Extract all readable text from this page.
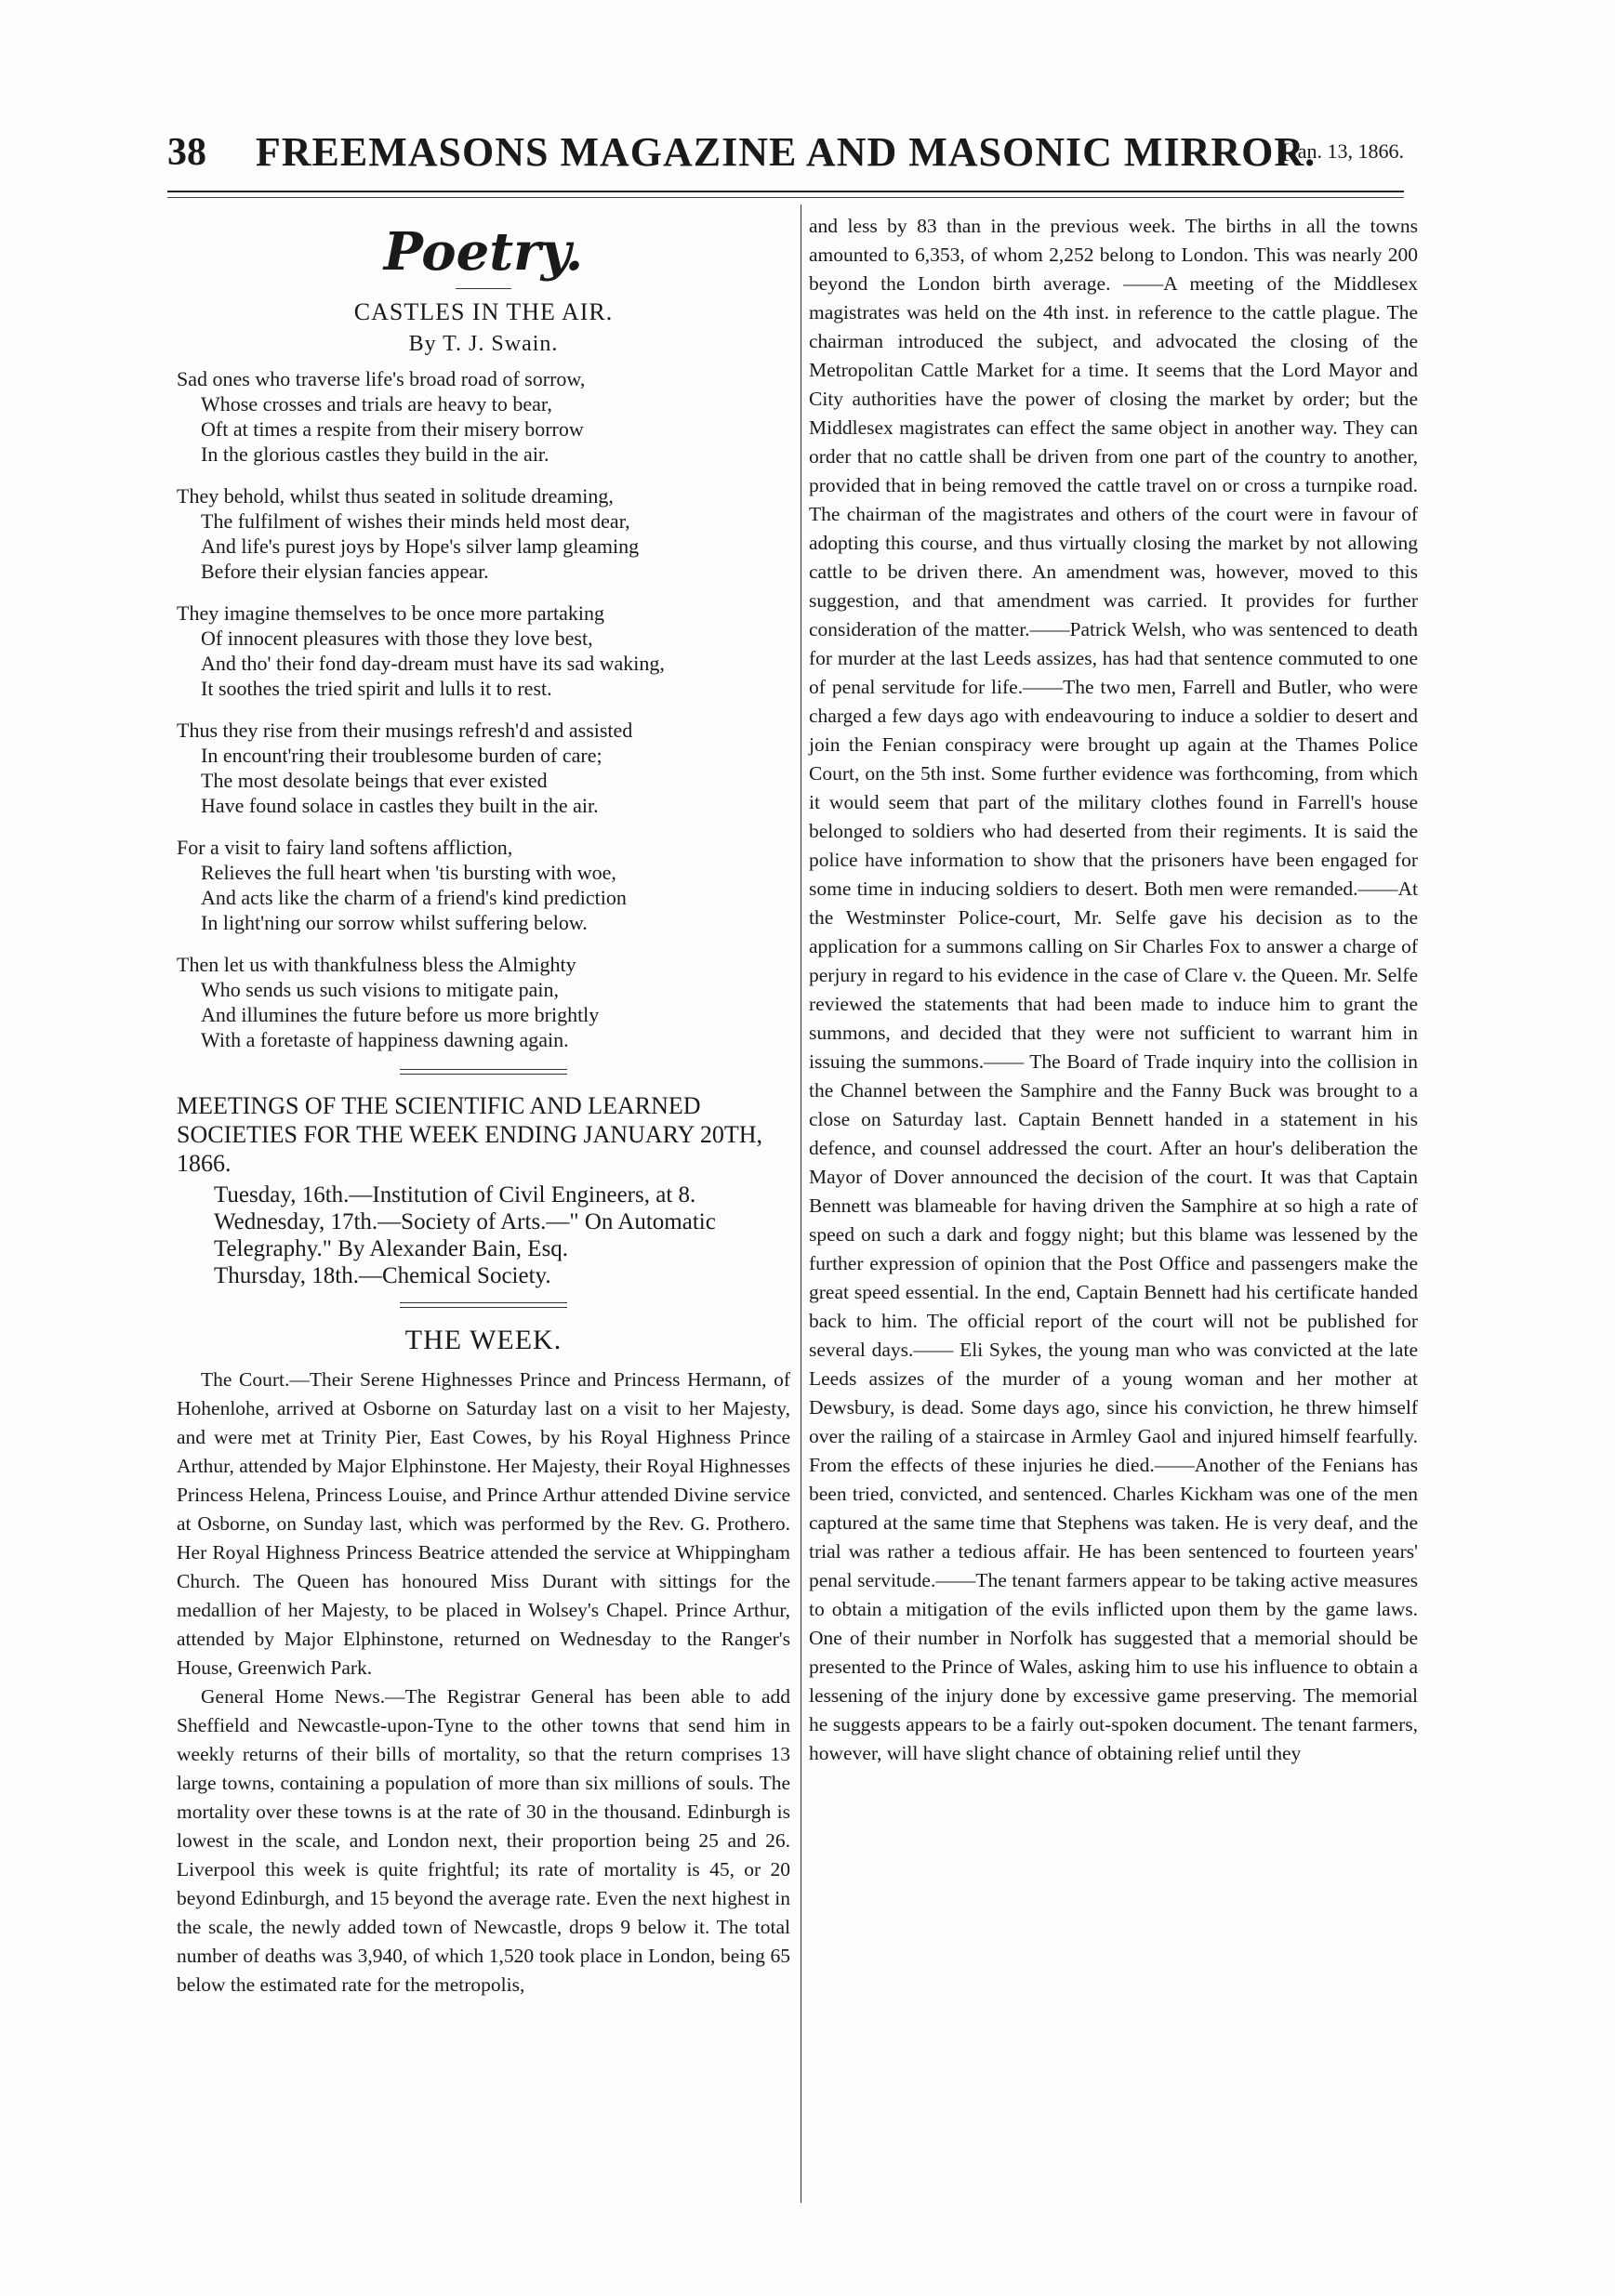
38	FREEMASONS MAGAZINE AND MASONIC MIRROR.
[Jan. 13, 1866.
Poetry.
CASTLES IN THE AIR.
By T. J. Swain.
Sad ones who traverse life's broad road of sorrow,
Whose crosses and trials are heavy to bear,
Oft at times a respite from their misery borrow
In the glorious castles they build in the air.
They behold, whilst thus seated in solitude dreaming,
The fulfilment of wishes their minds held most dear,
And life's purest joys by Hope's silver lamp gleaming
Before their elysian fancies appear.
They imagine themselves to be once more partaking
Of innocent pleasures with those they love best,
And tho' their fond day-dream must have its sad waking,
It soothes the tried spirit and lulls it to rest.
Thus they rise from their musings refresh'd and assisted
In encount'ring their troublesome burden of care;
The most desolate beings that ever existed
Have found solace in castles they built in the air.
For a visit to fairy land softens affliction,
Relieves the full heart when 'tis bursting with woe,
And acts like the charm of a friend's kind prediction
In light'ning our sorrow whilst suffering below.
Then let us with thankfulness bless the Almighty
Who sends us such visions to mitigate pain,
And illumines the future before us more brightly
With a foretaste of happiness dawning again.
MEETINGS OF THE SCIENTIFIC AND LEARNED SOCIETIES FOR THE WEEK ENDING JANUARY 20TH, 1866.
Tuesday, 16th.—Institution of Civil Engineers, at 8.
Wednesday, 17th.—Society of Arts.—" On Automatic Telegraphy." By Alexander Bain, Esq.
Thursday, 18th.—Chemical Society.
THE WEEK.

The Court.—Their Serene Highnesses Prince and Princess Hermann, of Hohenlohe, arrived at Osborne on Saturday last on a visit to her Majesty, and were met at Trinity Pier, East Cowes, by his Royal Highness Prince Arthur, attended by Major Elphinstone. Her Majesty, their Royal Highnesses Princess Helena, Princess Louise, and Prince Arthur attended Divine service at Osborne, on Sunday last, which was performed by the Rev. G. Prothero. Her Royal Highness Princess Beatrice attended the service at Whippingham Church. The Queen has honoured Miss Durant with sittings for the medallion of her Majesty, to be placed in Wolsey's Chapel. Prince Arthur, attended by Major Elphinstone, returned on Wednesday to the Ranger's House, Greenwich Park.

General Home News.—The Registrar General has been able to add Sheffield and Newcastle-upon-Tyne to the other towns that send him in weekly returns of their bills of mortality, so that the return comprises 13 large towns, containing a population of more than six millions of souls. The mortality over these towns is at the rate of 30 in the thousand. Edinburgh is lowest in the scale, and London next, their proportion being 25 and 26. Liverpool this week is quite frightful; its rate of mortality is 45, or 20 beyond Edinburgh, and 15 beyond the average rate. Even the next highest in the scale, the newly added town of Newcastle, drops 9 below it. The total number of deaths was 3,940, of which 1,520 took place in London, being 65 below the estimated rate for the metropolis,

and less by 83 than in the previous week. The births in all the towns amounted to 6,353, of whom 2,252 belong to London. This was nearly 200 beyond the London birth average. ——A meeting of the Middlesex magistrates was held on the 4th inst. in reference to the cattle plague. The chairman introduced the subject, and advocated the closing of the Metropolitan Cattle Market for a time. It seems that the Lord Mayor and City authorities have the power of closing the market by order; but the Middlesex magistrates can effect the same object in another way. They can order that no cattle shall be driven from one part of the country to another, provided that in being removed the cattle travel on or cross a turnpike road. The chairman of the magistrates and others of the court were in favour of adopting this course, and thus virtually closing the market by not allowing cattle to be driven there. An amendment was, however, moved to this suggestion, and that amendment was carried. It provides for further consideration of the matter.——Patrick Welsh, who was sentenced to death for murder at the last Leeds assizes, has had that sentence commuted to one of penal servitude for life.——The two men, Farrell and Butler, who were charged a few days ago with endeavouring to induce a soldier to desert and join the Fenian conspiracy were brought up again at the Thames Police Court, on the 5th inst. Some further evidence was forthcoming, from which it would seem that part of the military clothes found in Farrell's house belonged to soldiers who had deserted from their regiments. It is said the police have information to show that the prisoners have been engaged for some time in inducing soldiers to desert. Both men were remanded.——At the Westminster Police-court, Mr. Selfe gave his decision as to the application for a summons calling on Sir Charles Fox to answer a charge of perjury in regard to his evidence in the case of Clare v. the Queen. Mr. Selfe reviewed the statements that had been made to induce him to grant the summons, and decided that they were not sufficient to warrant him in issuing the summons.—— The Board of Trade inquiry into the collision in the Channel between the Samphire and the Fanny Buck was brought to a close on Saturday last. Captain Bennett handed in a statement in his defence, and counsel addressed the court. After an hour's deliberation the Mayor of Dover announced the decision of the court. It was that Captain Bennett was blameable for having driven the Samphire at so high a rate of speed on such a dark and foggy night; but this blame was lessened by the further expression of opinion that the Post Office and passengers make the great speed essential. In the end, Captain Bennett had his certificate handed back to him. The official report of the court will not be published for several days.—— Eli Sykes, the young man who was convicted at the late Leeds assizes of the murder of a young woman and her mother at Dewsbury, is dead. Some days ago, since his conviction, he threw himself over the railing of a staircase in Armley Gaol and injured himself fearfully. From the effects of these injuries he died.——Another of the Fenians has been tried, convicted, and sentenced. Charles Kickham was one of the men captured at the same time that Stephens was taken. He is very deaf, and the trial was rather a tedious affair. He has been sentenced to fourteen years' penal servitude.——The tenant farmers appear to be taking active measures to obtain a mitigation of the evils inflicted upon them by the game laws. One of their number in Norfolk has suggested that a memorial should be presented to the Prince of Wales, asking him to use his influence to obtain a lessening of the injury done by excessive game preserving. The memorial he suggests appears to be a fairly out-spoken document. The tenant farmers, however, will have slight chance of obtaining relief until they
